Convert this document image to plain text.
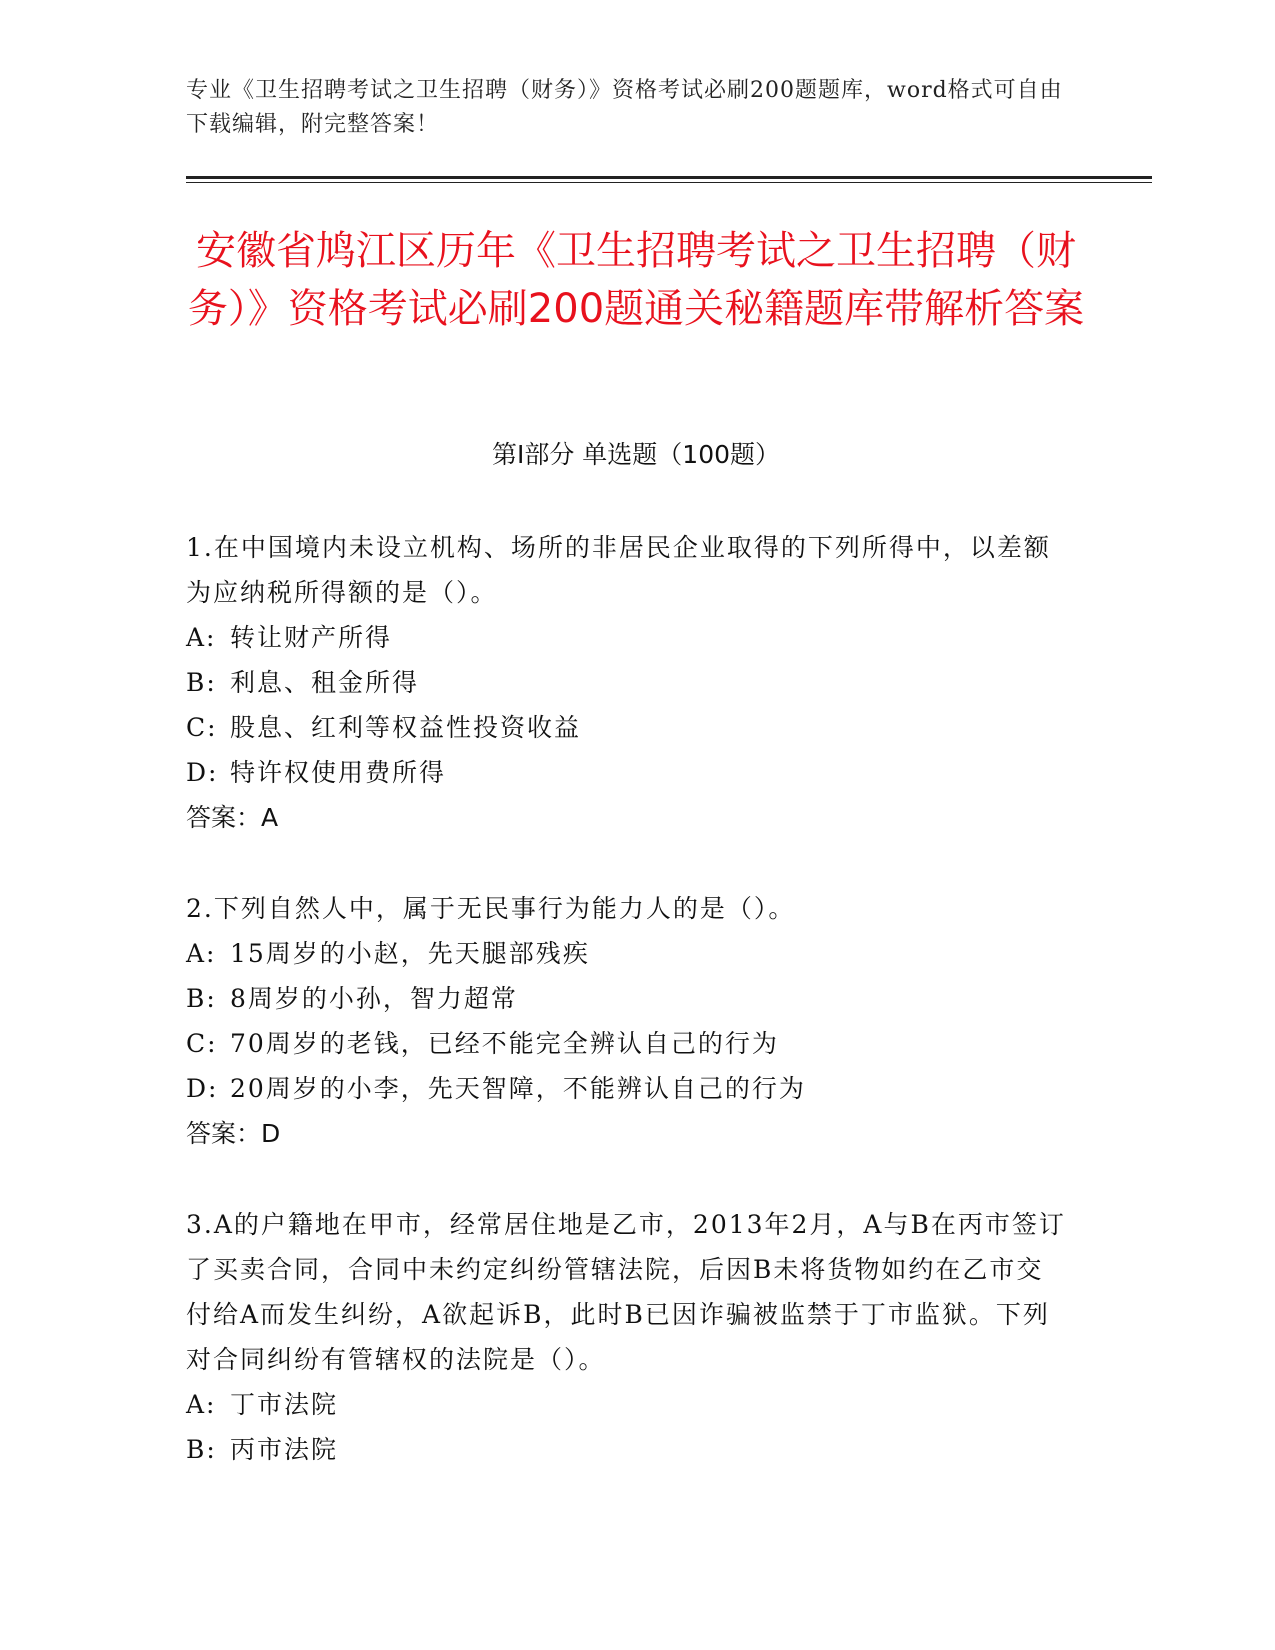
专业《卫生招聘考试之卫生招聘（财务）》资格考试必刷200题题库，word格式可自由下载编辑，附完整答案！
安徽省鸠江区历年《卫生招聘考试之卫生招聘（财务）》资格考试必刷200题通关秘籍题库带解析答案
第Ⅰ部分 单选题（100题）

1.在中国境内未设立机构、场所的非居民企业取得的下列所得中，以差额为应纳税所得额的是（）。

A: 转让财产所得

B: 利息、租金所得

C: 股息、红利等权益性投资收益

D: 特许权使用费所得

答案：A

2.下列自然人中，属于无民事行为能力人的是（）。

A: 15周岁的小赵，先天腿部残疾

B: 8周岁的小孙，智力超常

C: 70周岁的老钱，已经不能完全辨认自己的行为

D: 20周岁的小李，先天智障，不能辨认自己的行为

答案：D

3.A的户籍地在甲市，经常居住地是乙市，2013年2月，A与B在丙市签订了买卖合同，合同中未约定纠纷管辖法院，后因B未将货物如约在乙市交付给A而发生纠纷，A欲起诉B，此时B已因诈骗被监禁于丁市监狱。下列对合同纠纷有管辖权的法院是（）。

A: 丁市法院

B: 丙市法院
